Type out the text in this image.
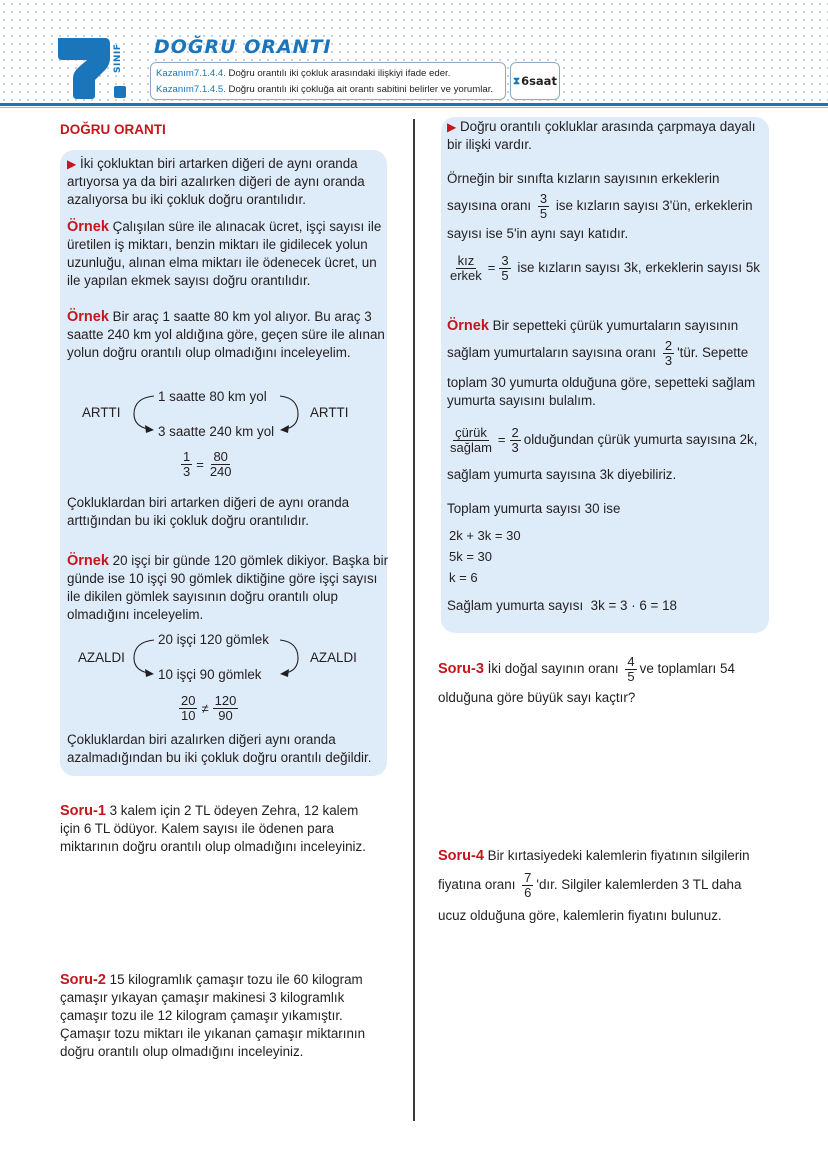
SINIF DOĞRU ORANTI
Kazanım7.1.4.4. Doğru orantılı iki çokluk arasındaki ilişkiyi ifade eder.
Kazanım7.1.4.5. Doğru orantılı iki çokluğa ait orantı sabitini belirler ve yorumlar.
⧗ 6saat
DOĞRU ORANTI
▶ İki çokluktan biri artarken diğeri de aynı oranda artıyorsa ya da biri azalırken diğeri de aynı oranda azalıyorsa bu iki çokluk doğru orantılıdır.
Örnek Çalışılan süre ile alınacak ücret, işçi sayısı ile üretilen iş miktarı, benzin miktarı ile gidilecek yolun uzunluğu, alınan elma miktarı ile ödenecek ücret, un ile yapılan ekmek sayısı doğru orantılıdır.
Örnek Bir araç 1 saatte 80 km yol alıyor. Bu araç 3 saatte 240 km yol aldığına göre, geçen süre ile alınan yolun doğru orantılı olup olmadığını inceleyelim.
ARTTI	ARTTI
1 saatte 80 km yol
3 saatte 240 km yol
$\frac{1}{3} = \frac{80}{240}$
Çokluklardan biri artarken diğeri de aynı oranda arttığından bu iki çokluk doğru orantılıdır.
Örnek 20 işçi bir günde 120 gömlek dikiyor. Başka bir günde ise 10 işçi 90 gömlek diktiğine göre işçi sayısı ile dikilen gömlek sayısının doğru orantılı olup olmadığını inceleyelim.
AZALDI	AZALDI
20 işçi 120 gömlek
10 işçi 90 gömlek
$\frac{20}{10} \ne \frac{120}{90}$
Çokluklardan biri azalırken diğeri aynı oranda azalmadığından bu iki çokluk doğru orantılı değildir.
Soru-1 3 kalem için 2 TL ödeyen Zehra, 12 kalem için 6 TL ödüyor. Kalem sayısı ile ödenen para miktarının doğru orantılı olup olmadığını inceleyiniz.
Soru-2 15 kilogramlık çamaşır tozu ile 60 kilogram çamaşır yıkayan çamaşır makinesi 3 kilogramlık çamaşır tozu ile 12 kilogram çamaşır yıkamıştır. Çamaşır tozu miktarı ile yıkanan çamaşır miktarının doğru orantılı olup olmadığını inceleyiniz.
▶ Doğru orantılı çokluklar arasında çarpmaya dayalı bir ilişki vardır.
Örneğin bir sınıfta kızların sayısının erkeklerin
sayısına oranı $\frac{3}{5}$ ise kızların sayısı 3'ün, erkeklerin
sayısı ise 5'in aynı sayı katıdır.
$\frac{\text{kız}}{\text{erkek}} = \frac{3}{5}$ ise kızların sayısı 3k, erkeklerin sayısı 5k
Örnek Bir sepetteki çürük yumurtaların sayısının
sağlam yumurtaların sayısına oranı $\frac{2}{3}$ 'tür. Sepette
toplam 30 yumurta olduğuna göre, sepetteki sağlam yumurta sayısını bulalım.
$\frac{\text{çürük}}{\text{sağlam}} = \frac{2}{3}$ olduğundan çürük yumurta sayısına 2k,
sağlam yumurta sayısına 3k diyebiliriz.
Toplam yumurta sayısı 30 ise
2k + 3k = 30
5k = 30
k = 6
Sağlam yumurta sayısı  3k = 3 · 6 = 18
Soru-3 İki doğal sayının oranı $\frac{4}{5}$ ve toplamları 54
olduğuna göre büyük sayı kaçtır?
Soru-4 Bir kırtasiyedeki kalemlerin fiyatının silgilerin
fiyatına oranı $\frac{7}{6}$ 'dır. Silgiler kalemlerden 3 TL daha
ucuz olduğuna göre, kalemlerin fiyatını bulunuz.
